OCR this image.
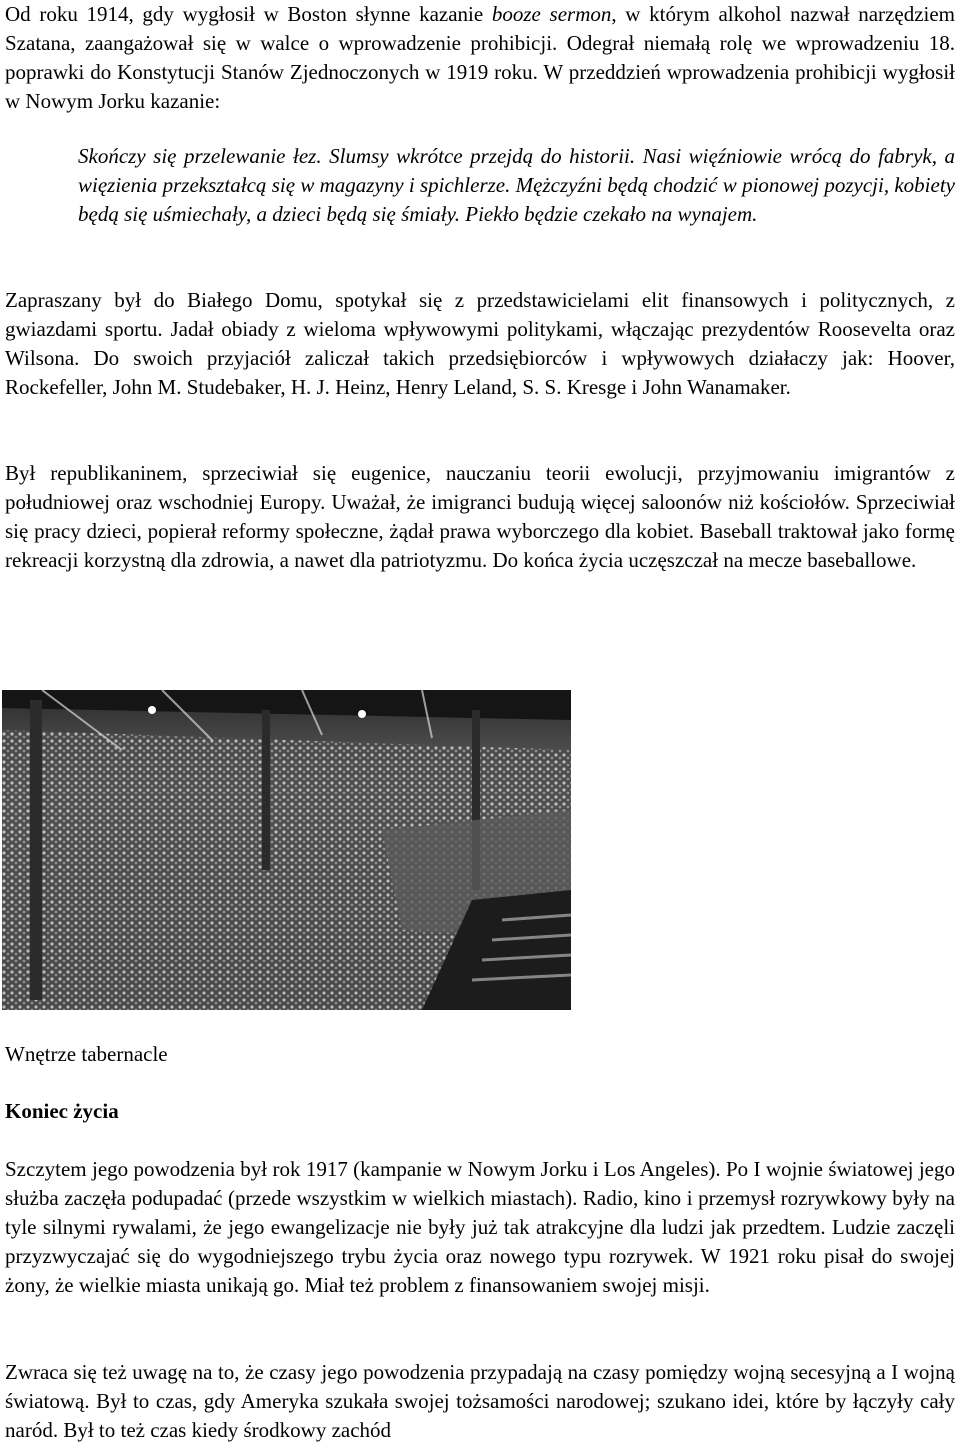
Od roku 1914, gdy wygłosił w Boston słynne kazanie booze sermon, w którym alkohol nazwał narzędziem Szatana, zaangażował się w walce o wprowadzenie prohibicji. Odegrał niemałą rolę we wprowadzeniu 18. poprawki do Konstytucji Stanów Zjednoczonych w 1919 roku. W przeddzień wprowadzenia prohibicji wygłosił w Nowym Jorku kazanie:

Skończy się przelewanie łez. Slumsy wkrótce przejdą do historii. Nasi więźniowie wrócą do fabryk, a więzienia przekształcą się w magazyny i spichlerze. Mężczyźni będą chodzić w pionowej pozycji, kobiety będą się uśmiechały, a dzieci będą się śmiały. Piekło będzie czekało na wynajem.

Zapraszany był do Białego Domu, spotykał się z przedstawicielami elit finansowych i politycznych, z gwiazdami sportu. Jadał obiady z wieloma wpływowymi politykami, włączając prezydentów Roosevelta oraz Wilsona. Do swoich przyjaciół zaliczał takich przedsiębiorców i wpływowych działaczy jak: Hoover, Rockefeller, John M. Studebaker, H. J. Heinz, Henry Leland, S. S. Kresge i John Wanamaker.

Był republikaninem, sprzeciwiał się eugenice, nauczaniu teorii ewolucji, przyjmowaniu imigrantów z południowej oraz wschodniej Europy. Uważał, że imigranci budują więcej saloonów niż kościołów. Sprzeciwiał się pracy dzieci, popierał reformy społeczne, żądał prawa wyborczego dla kobiet. Baseball traktował jako formę rekreacji korzystną dla zdrowia, a nawet dla patriotyzmu. Do końca życia uczęszczał na mecze baseballowe.

Wnętrze tabernacle
Koniec życia

Szczytem jego powodzenia był rok 1917 (kampanie w Nowym Jorku i Los Angeles). Po I wojnie światowej jego służba zaczęła podupadać (przede wszystkim w wielkich miastach). Radio, kino i przemysł rozrywkowy były na tyle silnymi rywalami, że jego ewangelizacje nie były już tak atrakcyjne dla ludzi jak przedtem. Ludzie zaczęli przyzwyczajać się do wygodniejszego trybu życia oraz nowego typu rozrywek. W 1921 roku pisał do swojej żony, że wielkie miasta unikają go. Miał też problem z finansowaniem swojej misji.

Zwraca się też uwagę na to, że czasy jego powodzenia przypadają na czasy pomiędzy wojną secesyjną a I wojną światową. Był to czas, gdy Ameryka szukała swojej tożsamości narodowej; szukano idei, które by łączyły cały naród. Był to też czas kiedy środkowy zachód
